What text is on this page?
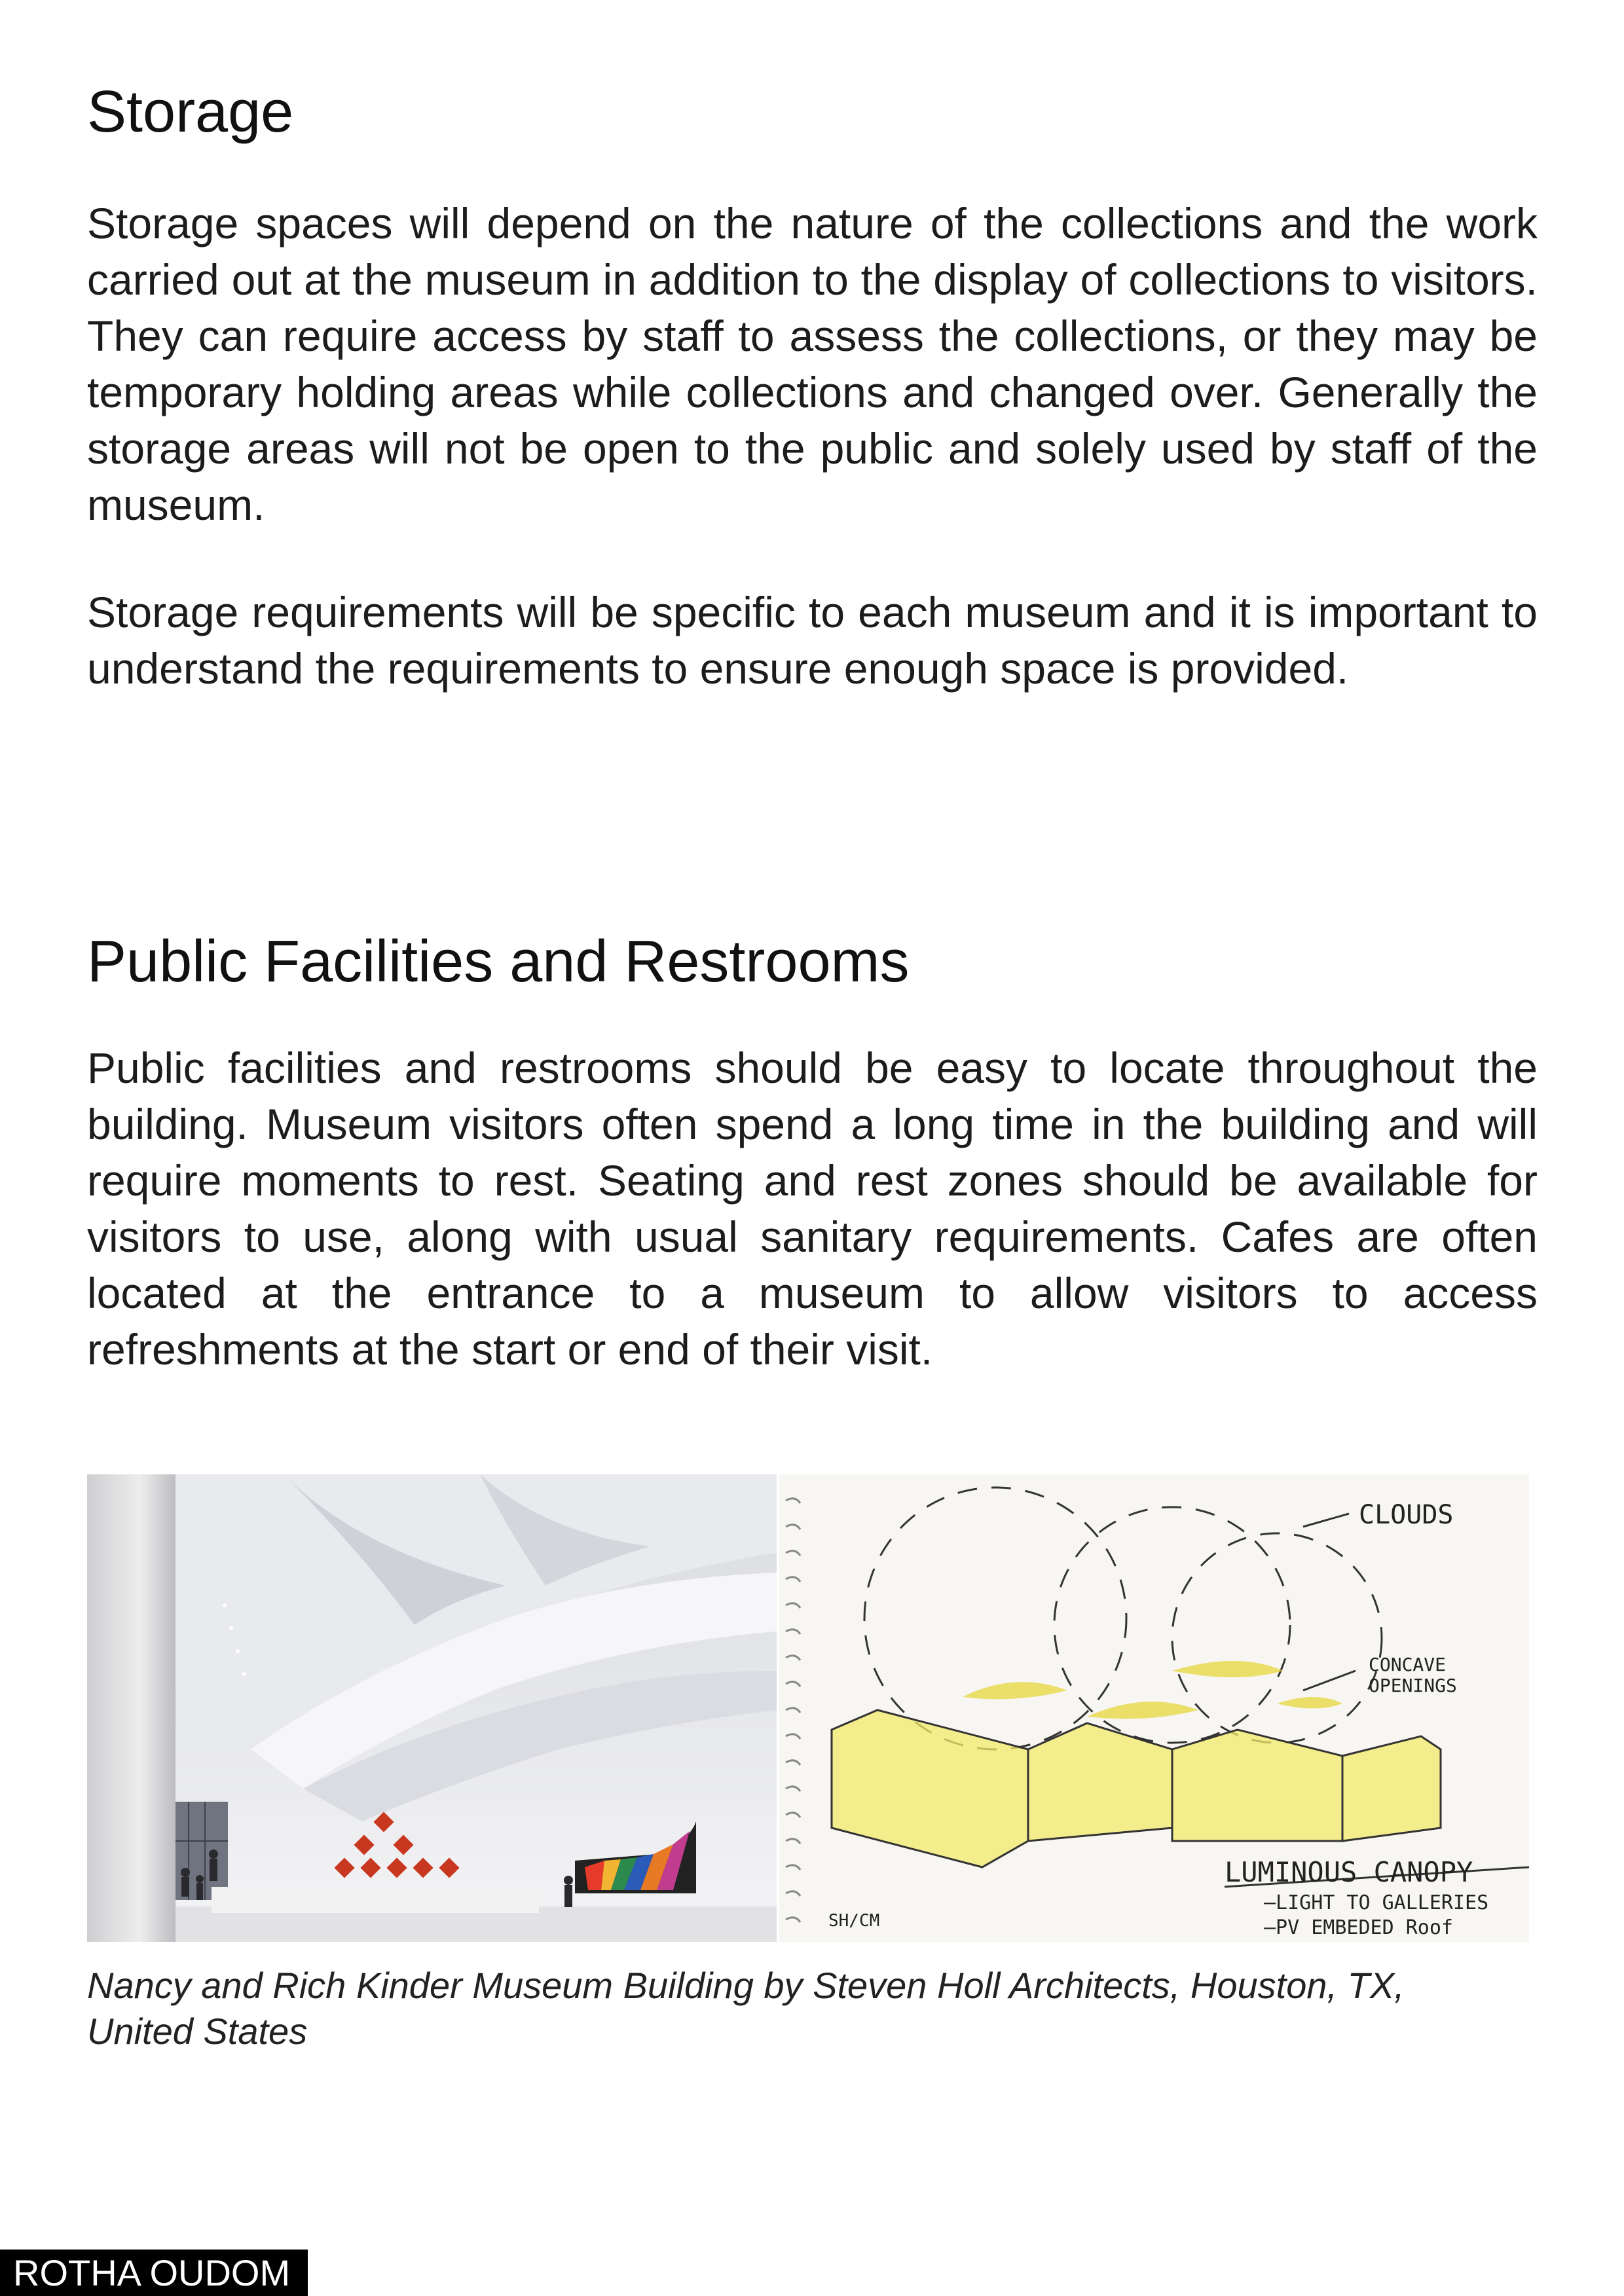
Storage

Storage spaces will depend on the nature of the collections and the work carried out at the museum in addition to the display of collections to visitors. They can require access by staff to assess the collections, or they may be temporary holding areas while collections and changed over. Generally the storage areas will not be open to the public and solely used by staff of the museum.

Storage requirements will be specific to each museum and it is important to understand the requirements to ensure enough space is provided.

Public Facilities and Restrooms

Public facilities and restrooms should be easy to locate throughout the building. Museum visitors often spend a long time in the building and will require moments to rest. Seating and rest zones should be available for visitors to use, along with usual sanitary requirements. Cafes are often located at the entrance to a museum to allow visitors to access refreshments at the start or end of their visit.

CLOUDS
CONCAVE
OPENINGS
LUMINOUS CANOPY
—LIGHT TO GALLERIES
—PV EMBEDED Roof
SH/CM

Nancy and Rich Kinder Museum Building by Steven Holl Architects, Houston, TX, United States

ROTHA OUDOM
